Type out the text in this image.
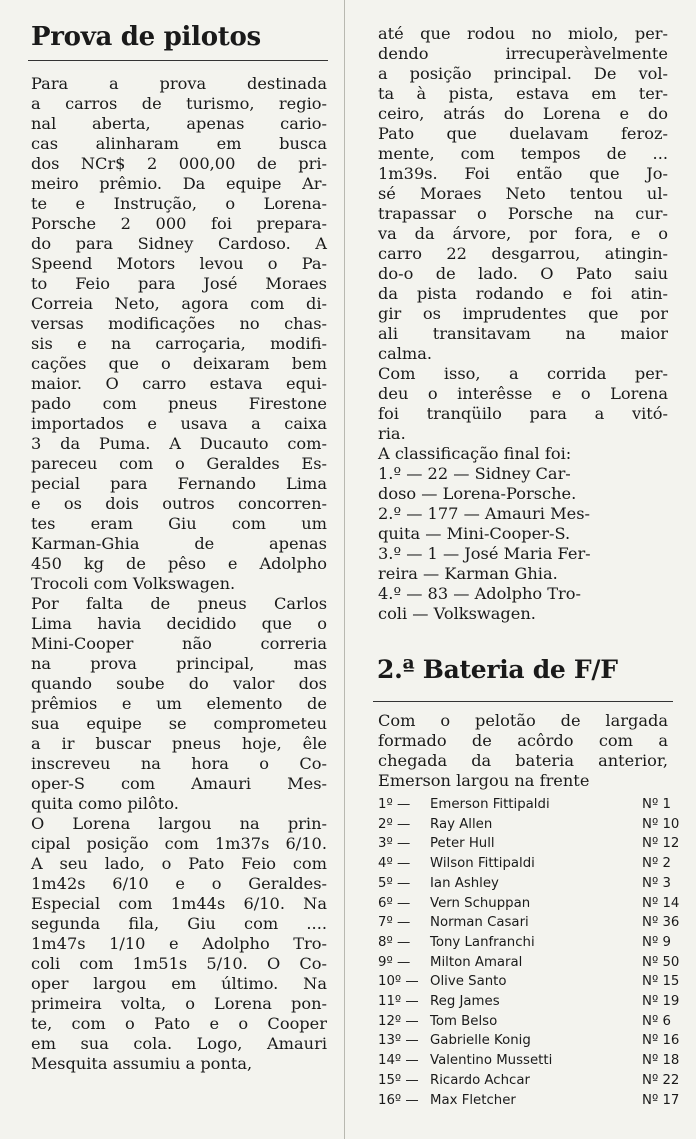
Prova de pilotos
Para a prova destinada
a carros de turismo, regio-
nal aberta, apenas cario-
cas alinharam em busca
dos NCr$ 2 000,00 de pri-
meiro prêmio. Da equipe Ar-
te e Instrução, o Lorena-
Porsche 2 000 foi prepara-
do para Sidney Cardoso. A
Speend Motors levou o Pa-
to Feio para José Moraes
Correia Neto, agora com di-
versas modificações no chas-
sis e na carroçaria, modifi-
cações que o deixaram bem
maior. O carro estava equi-
pado com pneus Firestone
importados e usava a caixa
3 da Puma. A Ducauto com-
pareceu com o Geraldes Es-
pecial para Fernando Lima
e os dois outros concorren-
tes eram Giu com um
Karman-Ghia de apenas
450 kg de pêso e Adolpho
Trocoli com Volkswagen.
Por falta de pneus Carlos
Lima havia decidido que o
Mini-Cooper não correria
na prova principal, mas
quando soube do valor dos
prêmios e um elemento de
sua equipe se comprometeu
a ir buscar pneus hoje, êle
inscreveu na hora o Co-
oper-S com Amauri Mes-
quita como pilôto.
O Lorena largou na prin-
cipal posição com 1m37s 6/10.
A seu lado, o Pato Feio com
1m42s 6/10 e o Geraldes-
Especial com 1m44s 6/10. Na
segunda fila, Giu com ....
1m47s 1/10 e Adolpho Tro-
coli com 1m51s 5/10. O Co-
oper largou em último. Na
primeira volta, o Lorena pon-
te, com o Pato e o Cooper
em sua cola. Logo, Amauri
Mesquita assumiu a ponta,
até que rodou no miolo, per-
dendo irrecuperàvelmente
a posição principal. De vol-
ta à pista, estava em ter-
ceiro, atrás do Lorena e do
Pato que duelavam feroz-
mente, com tempos de ...
1m39s. Foi então que Jo-
sé Moraes Neto tentou ul-
trapassar o Porsche na cur-
va da árvore, por fora, e o
carro 22 desgarrou, atingin-
do-o de lado. O Pato saiu
da pista rodando e foi atin-
gir os imprudentes que por
ali transitavam na maior
calma.
Com isso, a corrida per-
deu o interêsse e o Lorena
foi tranqüilo para a vitó-
ria.
A classificação final foi:
1.º — 22 — Sidney Car-
doso — Lorena-Porsche.
2.º — 177 — Amauri Mes-
quita — Mini-Cooper-S.
3.º — 1 — José Maria Fer-
reira — Karman Ghia.
4.º — 83 — Adolpho Tro-
coli — Volkswagen.
2.ª Bateria de F/F
Com o pelotão de largada
formado de acôrdo com a
chegada da bateria anterior,
Emerson largou na frente
1º —	Emerson Fittipaldi	Nº 1
2º —	Ray Allen	Nº 10
3º —	Peter Hull	Nº 12
4º —	Wilson Fittipaldi	Nº 2
5º —	Ian Ashley	Nº 3
6º —	Vern Schuppan	Nº 14
7º —	Norman Casari	Nº 36
8º —	Tony Lanfranchi	Nº 9
9º —	Milton Amaral	Nº 50
10º — Olive Santo	Nº 15
11º — Reg James	Nº 19
12º — Tom Belso	Nº 6
13º — Gabrielle Konig	Nº 16
14º — Valentino Mussetti	Nº 18
15º — Ricardo Achcar	Nº 22
16º — Max Fletcher	Nº 17
